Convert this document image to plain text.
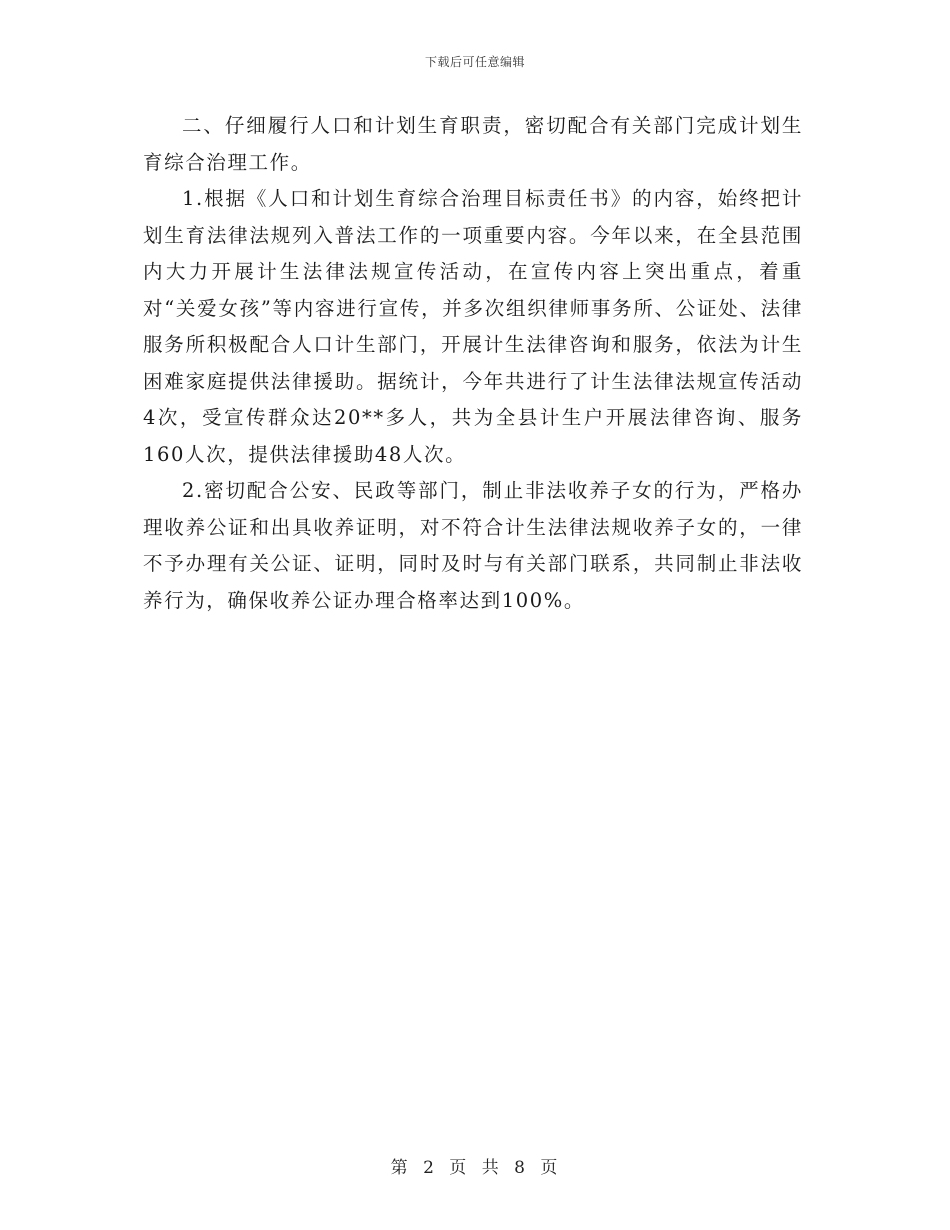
下载后可任意编辑

二、仔细履行人口和计划生育职责，密切配合有关部门完成计划生育综合治理工作。

1.根据《人口和计划生育综合治理目标责任书》的内容，始终把计划生育法律法规列入普法工作的一项重要内容。今年以来，在全县范围内大力开展计生法律法规宣传活动，在宣传内容上突出重点，着重对“关爱女孩”等内容进行宣传，并多次组织律师事务所、公证处、法律服务所积极配合人口计生部门，开展计生法律咨询和服务，依法为计生困难家庭提供法律援助。据统计，今年共进行了计生法律法规宣传活动4次，受宣传群众达20**多人，共为全县计生户开展法律咨询、服务160人次，提供法律援助48人次。

2.密切配合公安、民政等部门，制止非法收养子女的行为，严格办理收养公证和出具收养证明，对不符合计生法律法规收养子女的，一律不予办理有关公证、证明，同时及时与有关部门联系，共同制止非法收养行为，确保收养公证办理合格率达到100%。

第 2 页 共 8 页
